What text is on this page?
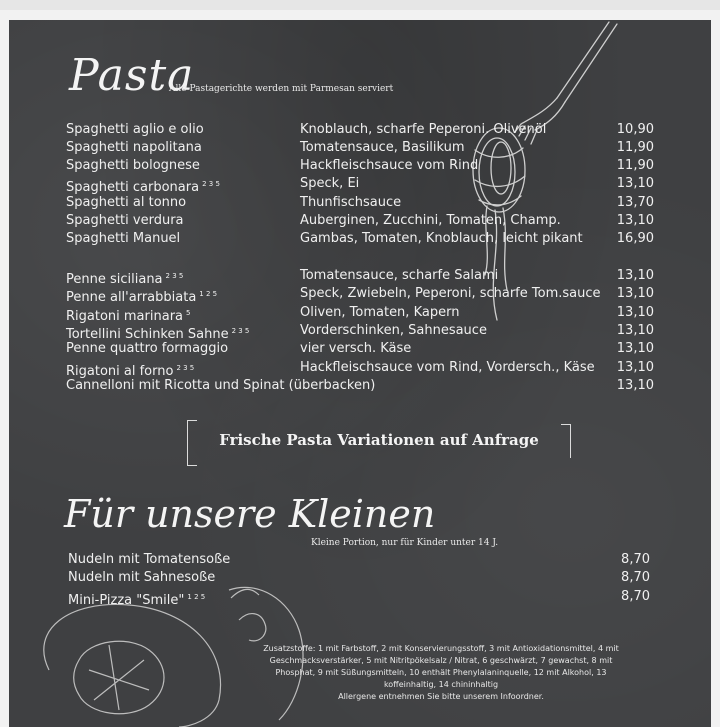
Pasta
Alle Pastagerichte werden mit Parmesan serviert
Spaghetti aglio e olio	Knoblauch, scharfe Peperoni. Olivenöl	10,90
Spaghetti napolitana	Tomatensauce, Basilikum	11,90
Spaghetti bolognese	Hackfleischsauce vom Rind	11,90
Spaghetti carbonara $^{2 3 5}$	Speck, Ei	13,10
Spaghetti al tonno	Thunfischsauce	13,70
Spaghetti verdura	Auberginen, Zucchini, Tomaten, Champ.	13,10
Spaghetti Manuel	Gambas, Tomaten, Knoblauch, leicht pikant	16,90
Penne siciliana $^{2 3 5}$	Tomatensauce, scharfe Salami	13,10
Penne all'arrabbiata $^{1 2 5}$	Speck, Zwiebeln, Peperoni, scharfe Tom.sauce	13,10
Rigatoni marinara $^5$	Oliven, Tomaten, Kapern	13,10
Tortellini Schinken Sahne $^{2 3 5}$	Vorderschinken, Sahnesauce	13,10
Penne quattro formaggio	vier versch. Käse	13,10
Rigatoni al forno $^{2 3 5}$	Hackfleischsauce vom Rind, Vordersch., Käse	13,10
Cannelloni mit Ricotta und Spinat (überbacken)	13,10
Frische Pasta Variationen auf Anfrage
Für unsere Kleinen
Kleine Portion, nur für Kinder unter 14 J.
Nudeln mit Tomatensoße	8,70
Nudeln mit Sahnesoße	8,70
Mini-Pizza "Smile" $^{1 2 5}$	8,70
Zusatzstoffe: 1 mit Farbstoff, 2 mit Konservierungsstoff, 3 mit Antioxidationsmittel, 4 mit
Geschmacksverstärker, 5 mit Nitritpökelsalz / Nitrat, 6 geschwärzt, 7 gewachst, 8 mit
Phosphat, 9 mit Süßungsmitteln, 10 enthält Phenylalaninquelle, 12 mit Alkohol, 13
koffeinhaltig, 14 chininhaltig
Allergene entnehmen Sie bitte unserem Infoordner.
